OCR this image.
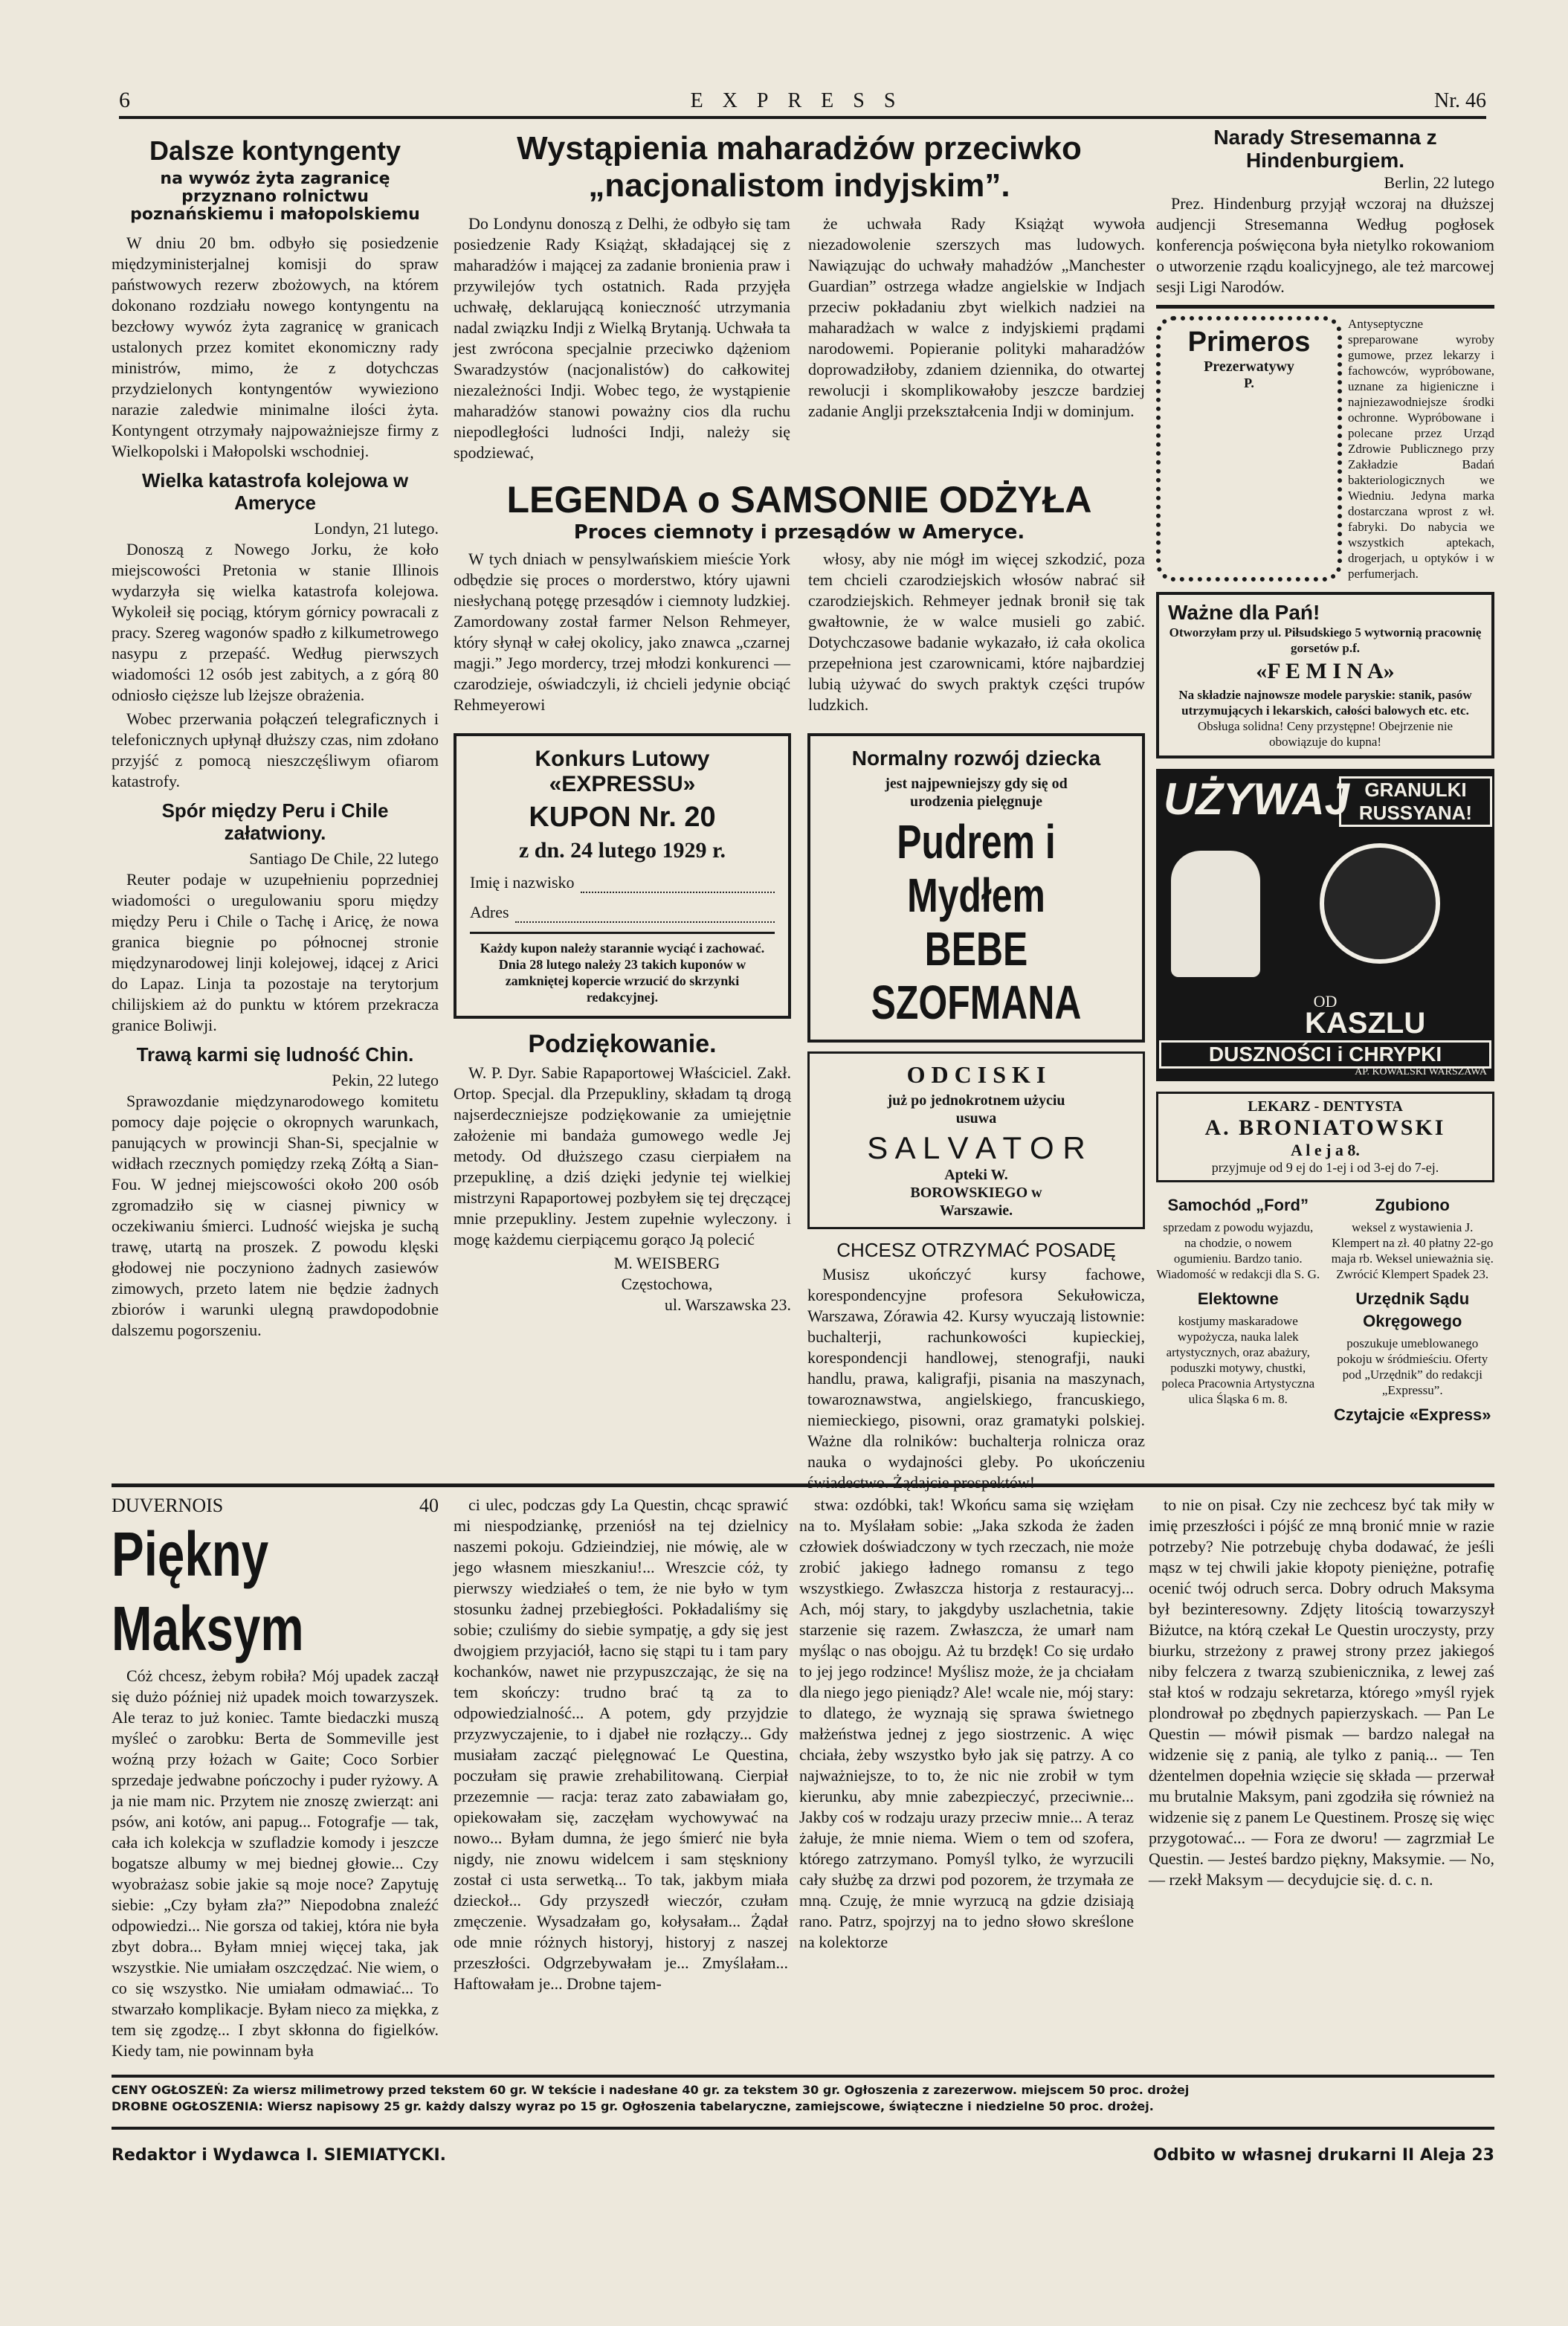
6	EXPRESS	Nr. 46
Dalsze kontyngenty
na wywóz żyta zagranicę przyznano rolnictwu poznańskiemu i małopolskiemu

W dniu 20 bm. odbyło się posiedzenie międzyministerjalnej komisji do spraw państwowych rezerw zbożowych, na którem dokonano rozdziału nowego kontyngentu na bezcłowy wywóz żyta zagranicę w granicach ustalonych przez komitet ekonomiczny rady ministrów, mimo, że z dotychczas przydzielonych kontyngentów wywieziono narazie zaledwie minimalne ilości żyta. Kontyngent otrzymały najpoważniejsze firmy z Wielkopolski i Małopolski wschodniej.

Wielka katastrofa kolejowa w Ameryce
Londyn, 21 lutego.

Donoszą z Nowego Jorku, że koło miejscowości Pretonia w stanie Illinois wydarzyła się wielka katastrofa kolejowa. Wykoleił się pociąg, którym górnicy powracali z pracy. Szereg wagonów spadło z kilkumetrowego nasypu z przepaść. Według pierwszych wiadomości 12 osób jest zabitych, a z górą 80 odniosło cięższe lub lżejsze obrażenia.

Wobec przerwania połączeń telegraficznych i telefonicznych upłynął dłuższy czas, nim zdołano przyjść z pomocą nieszczęśliwym ofiarom katastrofy.

Spór między Peru i Chile załatwiony.
Santiago De Chile, 22 lutego

Reuter podaje w uzupełnieniu poprzedniej wiadomości o uregulowaniu sporu między między Peru i Chile o Tachę i Aricę, że nowa granica biegnie po północnej stronie międzynarodowej linji kolejowej, idącej z Arici do Lapaz. Linja ta pozostaje na terytorjum chilijskiem aż do punktu w którem przekracza granice Boliwji.

Trawą karmi się ludność Chin.
Pekin, 22 lutego

Sprawozdanie międzynarodowego komitetu pomocy daje pojęcie o okropnych warunkach, panujących w prowincji Shan-Si, specjalnie w widłach rzecznych pomiędzy rzeką Zółtą a Sian-Fou. W jednej miejscowości około 200 osób zgromadziło się w ciasnej piwnicy w oczekiwaniu śmierci. Ludność wiejska je suchą trawę, utartą na proszek. Z powodu klęski głodowej nie poczyniono żadnych zasiewów zimowych, przeto latem nie będzie żadnych zbiorów i warunki ulegną prawdopodobnie dalszemu pogorszeniu.

Wystąpienia maharadżów przeciwko „nacjonalistom indyjskim”.

Do Londynu donoszą z Delhi, że odbyło się tam posiedzenie Rady Książąt, składającej się z maharadżów i mającej za zadanie bronienia praw i przywilejów tych ostatnich. Rada przyjęła uchwałę, deklarującą konieczność utrzymania nadal związku Indji z Wielką Brytanją. Uchwała ta jest zwrócona specjalnie przeciwko dążeniom Swaradzystów (nacjonalistów) do całkowitej niezależności Indji. Wobec tego, że wystąpienie maharadżów stanowi poważny cios dla ruchu niepodległości ludności Indji, należy się spodziewać,

że uchwała Rady Książąt wywoła niezadowolenie szerszych mas ludowych. Nawiązując do uchwały mahadżów „Manchester Guardian” ostrzega władze angielskie w Indjach przeciw pokładaniu zbyt wielkich nadziei na maharadżach w walce z indyjskiemi prądami narodowemi. Popieranie polityki maharadżów doprowadziłoby, zdaniem dziennika, do otwartej rewolucji i skomplikowałoby jeszcze bardziej zadanie Anglji przekształcenia Indji w dominjum.

LEGENDA o SAMSONIE ODŻYŁA
Proces ciemnoty i przesądów w Ameryce.

W tych dniach w pensylwańskiem mieście York odbędzie się proces o morderstwo, który ujawni niesłychaną potęgę przesądów i ciemnoty ludzkiej. Zamordowany został farmer Nelson Rehmeyer, który słynął w całej okolicy, jako znawca „czarnej magji.” Jego mordercy, trzej młodzi konkurenci — czarodzieje, oświadczyli, iż chcieli jedynie obciąć Rehmeyerowi

włosy, aby nie mógł im więcej szkodzić, poza tem chcieli czarodziejskich włosów nabrać sił czarodziejskich. Rehmeyer jednak bronił się tak gwałtownie, że w walce musieli go zabić. Dotychczasowe badanie wykazało, iż cała okolica przepełniona jest czarownicami, które najbardziej lubią używać do swych praktyk części trupów ludzkich.

Konkurs Lutowy «EXPRESSU»
KUPON Nr. 20
z dn. 24 lutego 1929 r.
Imię i nazwisko
Adres
Każdy kupon należy starannie wyciąć i zachować. Dnia 28 lutego należy 23 takich kuponów w zamkniętej kopercie wrzucić do skrzynki redakcyjnej.
Podziękowanie.

W. P. Dyr. Sabie Rapaportowej Właściciel. Zakł. Ortop. Specjal. dla Przepukliny, składam tą drogą najserdeczniejsze podziękowanie za umiejętnie założenie mi bandaża gumowego wedle Jej metody. Od dłuższego czasu cierpiałem na przepuklinę, a dziś dzięki jedynie tej wielkiej mistrzyni Rapaportowej pozbyłem się tej dręczącej mnie przepukliny. Jestem zupełnie wyleczony. i mogę każdemu cierpiącemu gorąco Ją polecić

M. WEISBERG
Częstochowa,
ul. Warszawska 23.
Normalny rozwój dziecka
jest najpewniejszy gdy się od urodzenia pielęgnuje
Pudrem i Mydłem
BEBE SZOFMANA
O D C I S K I
już po jednokrotnem użyciu usuwa
S A L V A T O R
Apteki W. BOROWSKIEGO w Warszawie.
CHCESZ OTRZYMAĆ POSADĘ

Musisz ukończyć kursy fachowe, korespondencyjne profesora Sekułowicza, Warszawa, Zórawia 42. Kursy wyuczają listownie: buchalterji, rachunkowości kupieckiej, korespondencji handlowej, stenografji, nauki handlu, prawa, kaligrafji, pisania na maszynach, towaroznawstwa, angielskiego, francuskiego, niemieckiego, pisowni, oraz gramatyki polskiej. Ważne dla rolników: buchalterja rolnicza oraz nauka o wydajności gleby. Po ukończeniu świadectwo. Żądajcie prospektów!

Narady Stresemanna z Hindenburgiem.
Berlin, 22 lutego

Prez. Hindenburg przyjął wczoraj na dłuższej audjencji Stresemanna Według pogłosek konferencja poświęcona była nietylko rokowaniom o utworzenie rządu koalicyjnego, ale też marcowej sesji Ligi Narodów.

Primeros
Prezerwatywy
P.
Antyseptyczne spreparowane wyroby gumowe, przez lekarzy i fachowców, wypróbowane, uznane za higieniczne i najniezawodniejsze środki ochronne. Wypróbowane i polecane przez Urząd Zdrowie Publicznego przy Zakładzie Badań bakteriologicznych we Wiedniu. Jedyna marka dostarczana wprost z wł. fabryki. Do nabycia we wszystkich aptekach, drogerjach, u optyków i w perfumerjach.
Ważne dla Pań!
Otworzyłam przy ul. Piłsudskiego 5 wytwornią pracownię gorsetów p.f.
«F E M I N A»
Na składzie najnowsze modele paryskie: stanik, pasów utrzymujących i lekarskich, całości balowych etc. etc.
Obsługa solidna! Ceny przystępne! Obejrzenie nie obowiązuje do kupna!
UŻYWAJ GRANULKI RUSSYANA!
OD
KASZLU
DUSZNOŚCI i CHRYPKI
AP. KOWALSKI WARSZAWA
LEKARZ - DENTYSTA
A. BRONIATOWSKI
A l e j a 8.
przyjmuje od 9 ej do 1-ej i od 3-ej do 7-ej.
Samochód „Ford”
sprzedam z powodu wyjazdu, na chodzie, o nowem ogumieniu. Bardzo tanio. Wiadomość w redakcji dla S. G.
Elektowne
kostjumy maskaradowe wypożycza, nauka lalek artystycznych, oraz abażury, poduszki motywy, chustki, poleca Pracownia Artystyczna ulica Śląska 6 m. 8.
Zgubiono
weksel z wystawienia J. Klempert na zł. 40 płatny 22-go maja rb. Weksel unieważnia się. Zwrócić Klempert Spadek 23.
Urzędnik Sądu Okręgowego
poszukuje umeblowanego pokoju w śródmieściu. Oferty pod „Urzędnik” do redakcji „Expressu”.
Czytajcie «Express»
DUVERNOIS	40
Piękny Maksym

Cóż chcesz, żebym robiła? Mój upadek zaczął się dużo później niż upadek moich towarzyszek. Ale teraz to już koniec. Tamte biedaczki muszą myśleć o zarobku: Berta de Sommeville jest woźną przy łożach w Gaite; Coco Sorbier sprzedaje jedwabne pończochy i puder ryżowy. A ja nie mam nic. Przytem nie znoszę zwierząt: ani psów, ani kotów, ani papug... Fotografje — tak, cała ich kolekcja w szufladzie komody i jeszcze bogatsze albumy w mej biednej głowie... Czy wyobrażasz sobie jakie są moje noce? Zapytuję siebie: „Czy byłam zła?” Niepodobna znaleźć odpowiedzi... Nie gorsza od takiej, która nie była zbyt dobra... Byłam mniej więcej taka, jak wszystkie. Nie umiałam oszczędzać. Nie wiem, o co się wszystko. Nie umiałam odmawiać... To stwarzało komplikacje. Byłam nieco za miękka, z tem się zgodzę... I zbyt skłonna do figielków. Kiedy tam, nie powinnam była

ci ulec, podczas gdy La Questin, chcąc sprawić mi niespodziankę, przeniósł na tej dzielnicy naszemi pokoju. Gdzieindziej, nie mówię, ale w jego własnem mieszkaniu!... Wreszcie cóż, ty pierwszy wiedziałeś o tem, że nie było w tym stosunku żadnej przebiegłości. Pokładaliśmy się sobie; czuliśmy do siebie sympatję, a gdy się jest dwojgiem przyjaciół, łacno się stąpi tu i tam pary kochanków, nawet nie przypuszczając, że się na tem skończy: trudno brać tą za to odpowiedzialność... A potem, gdy przyjdzie przyzwyczajenie, to i djabeł nie rozłączy... Gdy musiałam zacząć pielęgnować Le Questina, poczułam się prawie zrehabilitowaną. Cierpiał przezemnie — racja: teraz zato zabawiałam go, opiekowałam się, zaczęłam wychowywać na nowo... Byłam dumna, że jego śmierć nie była nigdy, nie znowu widelcem i sam stęskniony został ci usta serwetką... To tak, jakbym miała dzieckoł... Gdy przyszedł wieczór, czułam zmęczenie. Wysadzałam go, kołysałam... Żądał ode mnie różnych historyj, historyj z naszej przeszłości. Odgrzebywałam je... Zmyślałam... Haftowałam je... Drobne tajem-

stwa: ozdóbki, tak! Wkońcu sama się wzięłam na to. Myślałam sobie: „Jaka szkoda że żaden człowiek doświadczony w tych rzeczach, nie może zrobić jakiego ładnego romansu z tego wszystkiego. Zwłaszcza historja z restauracyj... Ach, mój stary, to jakgdyby uszlachetnia, takie starzenie się razem. Zwłaszcza, że umarł nam myśląc o nas obojgu. Aż tu brzdęk! Co się urdało to jej jego rodzince! Myślisz może, że ja chciałam dla niego jego pieniądz? Ale! wcale nie, mój stary: to dlatego, że wyznają się sprawa świetnego małżeństwa jednej z jego siostrzenic. A więc chciała, żeby wszystko było jak się patrzy. A co najważniejsze, to to, że nic nie zrobił w tym kierunku, aby mnie zabezpieczyć, przeciwnie... Jakby coś w rodzaju urazy przeciw mnie... A teraz żałuje, że mnie niema. Wiem o tem od szofera, którego zatrzymano. Pomyśl tylko, że wyrzucili cały służbę za drzwi pod pozorem, że trzymała ze mną. Czuję, że mnie wyrzucą na gdzie dzisiają rano. Patrz, spojrzyj na to jedno słowo skreślone na kolektorze

to nie on pisał. Czy nie zechcesz być tak miły w imię przeszłości i pójść ze mną bronić mnie w razie potrzeby? Nie potrzebuję chyba dodawać, że jeśli mąsz w tej chwili jakie kłopoty pieniężne, potrafię ocenić twój odruch serca. Dobry odruch Maksyma był bezinteresowny. Zdjęty litością towarzyszył Biżutce, na którą czekał Le Questin uroczysty, przy biurku, strzeżony z prawej strony przez jakiegoś niby felczera z twarzą szubienicznika, z lewej zaś stał ktoś w rodzaju sekretarza, którego »myśl ryjek plondrował po zbędnych papierzyskach. — Pan Le Questin — mówił pismak — bardzo nalegał na widzenie się z panią, ale tylko z panią... — Ten dżentelmen dopełnia wzięcie się składa — przerwał mu brutalnie Maksym, pani zgodziła się również na widzenie się z panem Le Questinem. Proszę się więc przygotować... — Fora ze dworu! — zagrzmiał Le Questin. — Jesteś bardzo piękny, Maksymie. — No, — rzekł Maksym — decydujcie się. d. c. n.

CENY OGŁOSZEŃ: Za wiersz milimetrowy przed tekstem 60 gr. W tekście i nadesłane 40 gr. za tekstem 30 gr. Ogłoszenia z zarezerwow. miejscem 50 proc. drożej
DROBNE OGŁOSZENIA: Wiersz napisowy 25 gr. każdy dalszy wyraz po 15 gr. Ogłoszenia tabelaryczne, zamiejscowe, świąteczne i niedzielne 50 proc. drożej.
Redaktor i Wydawca I. SIEMIATYCKI.	Odbito w własnej drukarni II Aleja 23
